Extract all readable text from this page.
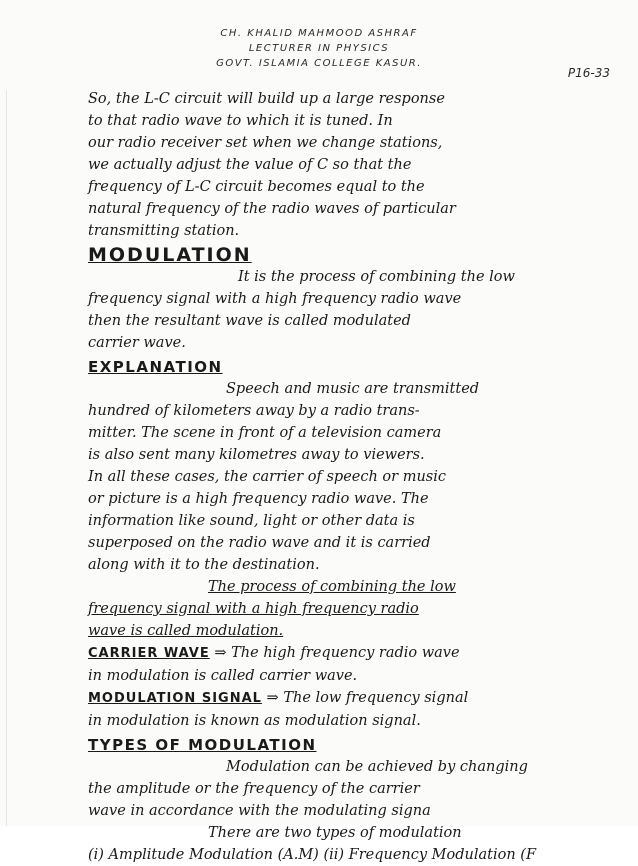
CH. KHALID MAHMOOD ASHRAF
LECTURER IN PHYSICS
GOVT. ISLAMIA COLLEGE KASUR.
P16-33
So, the L-C circuit will build up a large response
to that radio wave to which it is tuned. In
our radio receiver set when we change stations,
we actually adjust the value of C so that the
frequency of L-C circuit becomes equal to the
natural frequency of the radio waves of particular
transmitting station.
MODULATION
It is the process of combining the low
frequency signal with a high frequency radio wave
then the resultant wave is called modulated
carrier wave.
EXPLANATION
Speech and music are transmitted
hundred of kilometers away by a radio trans-
mitter. The scene in front of a television camera
is also sent many kilometres away to viewers.
In all these cases, the carrier of speech or music
or picture is a high frequency radio wave. The
information like sound, light or other data is
superposed on the radio wave and it is carried
along with it to the destination.
The process of combining the low
frequency signal with a high frequency radio
wave is called modulation.
CARRIER WAVE ⇒ The high frequency radio wave
in modulation is called carrier wave.
MODULATION SIGNAL ⇒ The low frequency signal
in modulation is known as modulation signal.
TYPES OF MODULATION
Modulation can be achieved by changing
the amplitude or the frequency of the carrier
wave in accordance with the modulating signa
There are two types of modulation
(i) Amplitude Modulation (A.M) (ii) Frequency Modulation (F
